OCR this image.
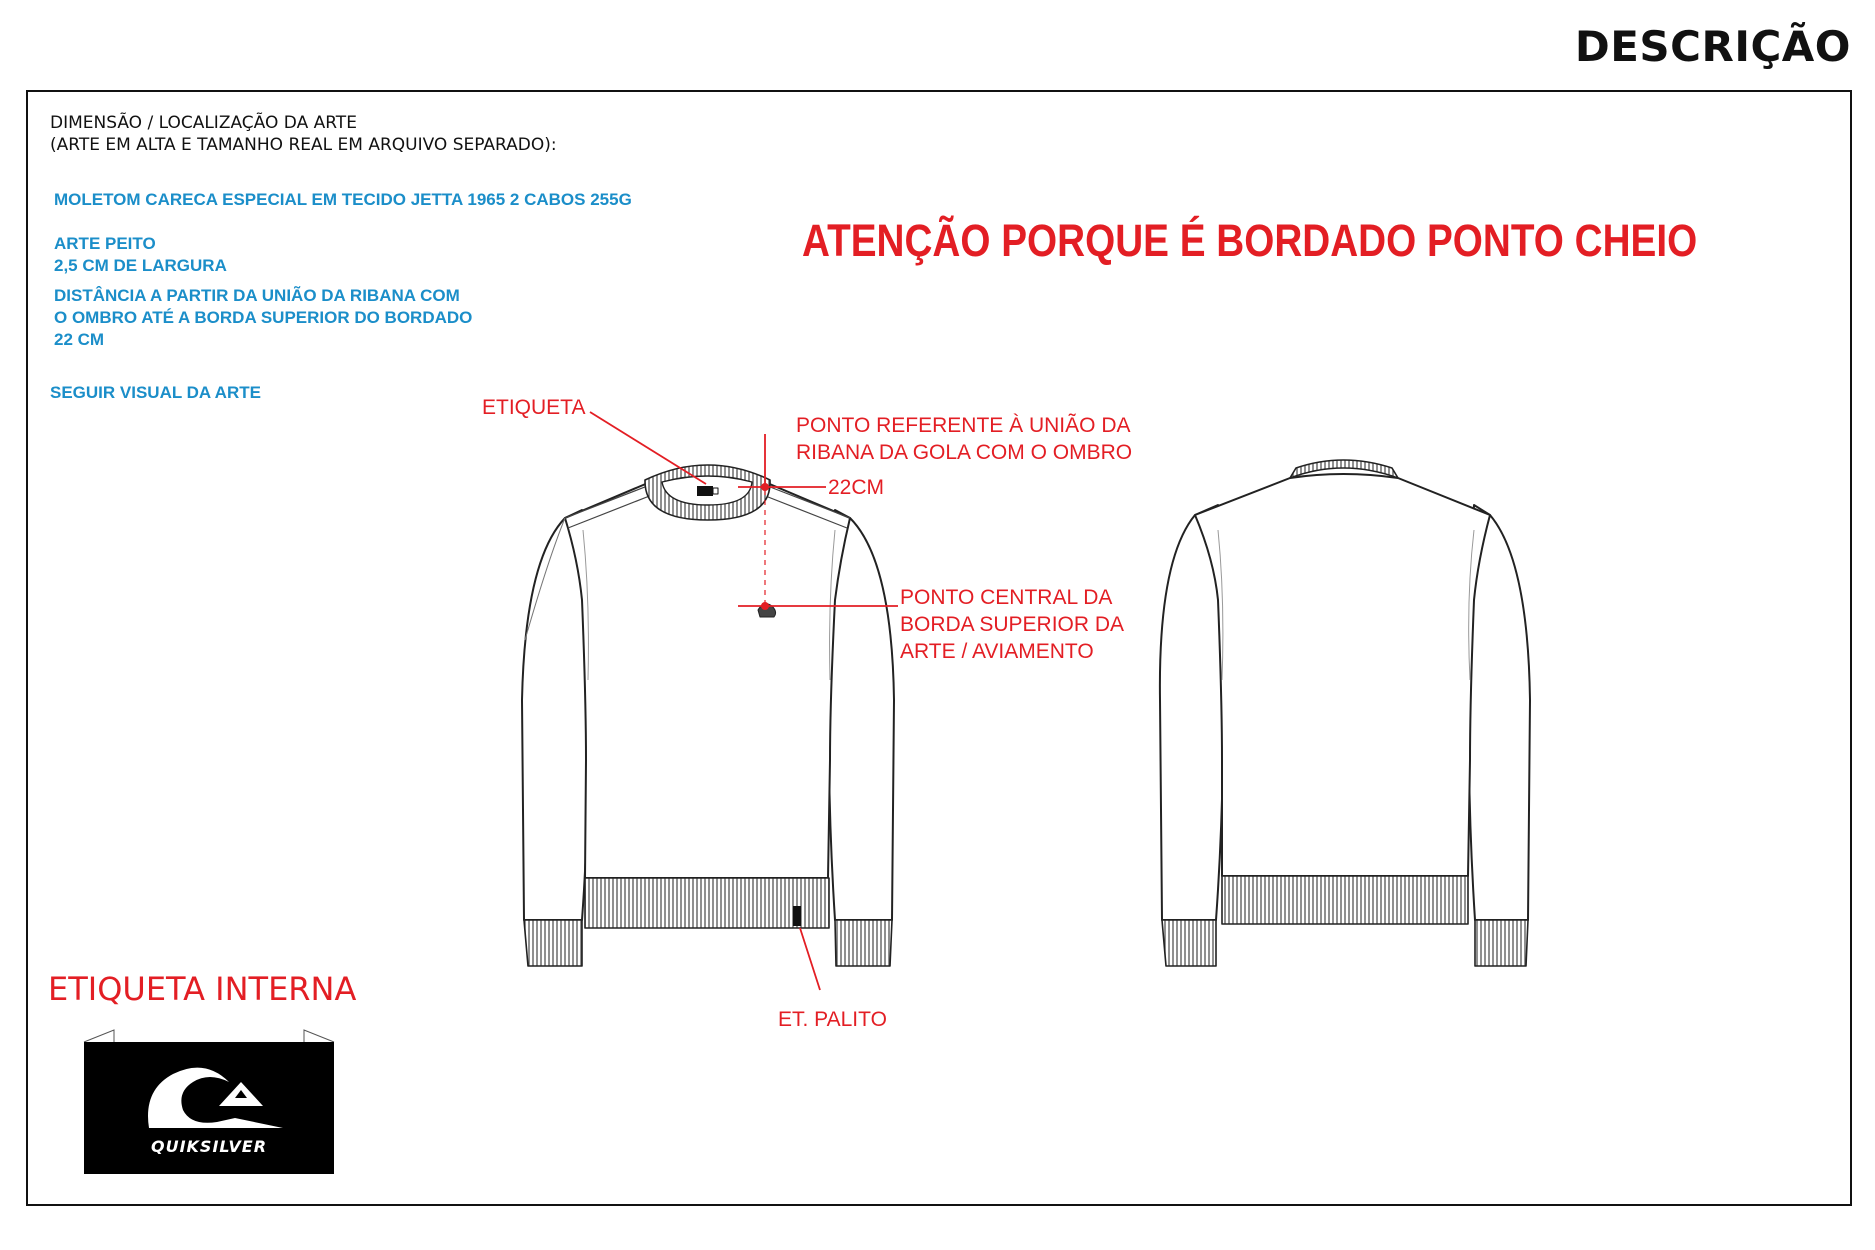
DESCRIÇÃO
DIMENSÃO / LOCALIZAÇÃO DA ARTE
(ARTE EM ALTA E TAMANHO REAL EM ARQUIVO SEPARADO):
MOLETOM CARECA ESPECIAL EM TECIDO JETTA 1965 2 CABOS 255G
ARTE PEITO
2,5 CM DE LARGURA
DISTÂNCIA A PARTIR DA UNIÃO DA RIBANA COM
O OMBRO ATÉ A BORDA SUPERIOR DO BORDADO
22 CM
SEGUIR VISUAL DA ARTE
ATENÇÃO PORQUE É BORDADO PONTO CHEIO
ETIQUETA
PONTO REFERENTE À UNIÃO DA
RIBANA DA GOLA COM O OMBRO
22CM
PONTO CENTRAL DA
BORDA SUPERIOR DA
ARTE / AVIAMENTO
ET. PALITO
ETIQUETA INTERNA
QUIKSILVER
